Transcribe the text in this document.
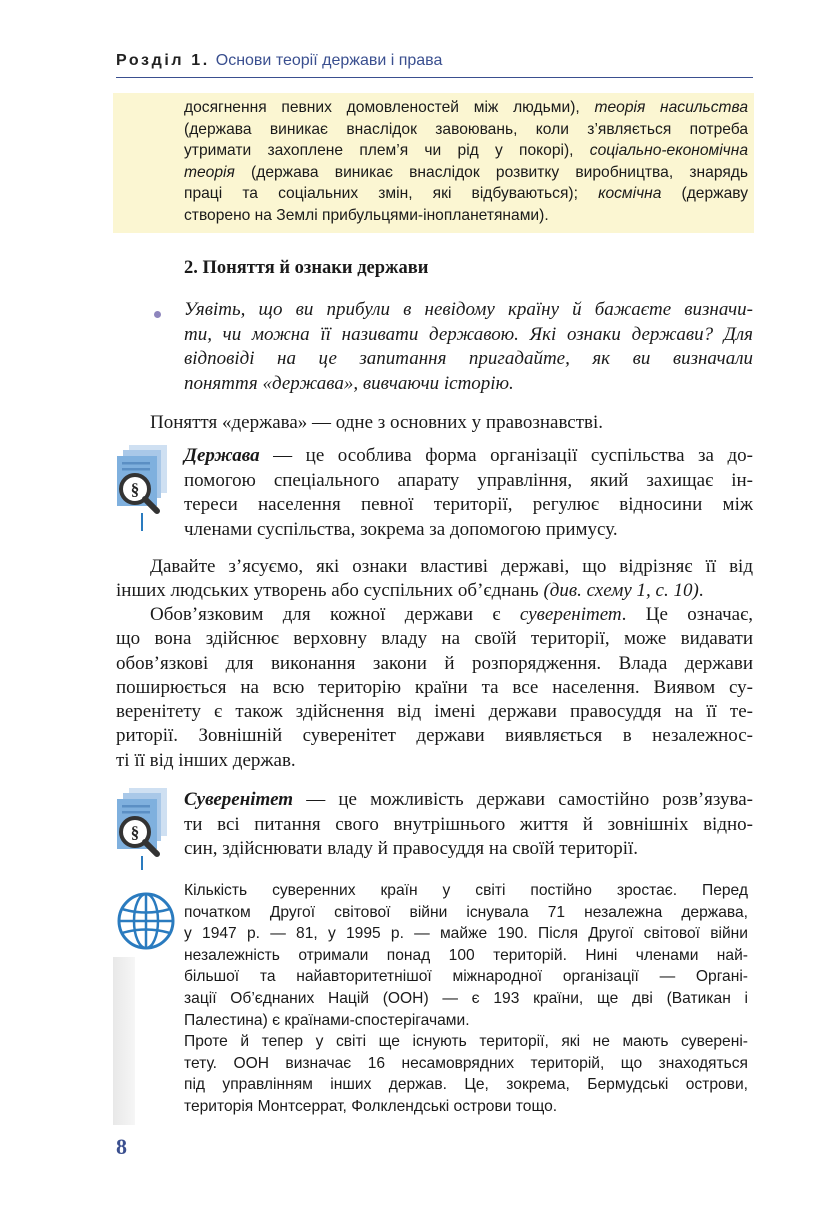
Розділ 1. Основи теорії держави і права
досягнення певних домовленостей між людьми), теорія насильства
(держава виникає внаслідок завоювань, коли з’являється потреба
утримати захоплене плем’я чи рід у покорі), соціально-економічна
теорія (держава виникає внаслідок розвитку виробництва, знарядь
праці та соціальних змін, які відбуваються); космічна (державу
створено на Землі прибульцями-інопланетянами).
2. Поняття й ознаки держави
Уявіть, що ви прибули в невідому країну й бажаєте визначи-
ти, чи можна її називати державою. Які ознаки держави? Для
відповіді на це запитання пригадайте, як ви визначали
поняття «держава», вивчаючи історію.
Поняття «держава» — одне з основних у правознавстві.
§
Держава — це особлива форма організації суспільства за до-
помогою спеціального апарату управління, який захищає ін-
тереси населення певної території, регулює відносини між
членами суспільства, зокрема за допомогою примусу.
Давайте з’ясуємо, які ознаки властиві державі, що відрізняє її від
інших людських утворень або суспільних об’єднань (див. схему 1, с. 10).
Обов’язковим для кожної держави є суверенітет. Це означає,
що вона здійснює верховну владу на своїй території, може видавати
обов’язкові для виконання закони й розпорядження. Влада держави
поширюється на всю територію країни та все населення. Виявом су-
веренітету є також здійснення від імені держави правосуддя на її те-
риторії. Зовнішній суверенітет держави виявляється в незалежнос-
ті її від інших держав.
§
Суверенітет — це можливість держави самостійно розв’язува-
ти всі питання свого внутрішнього життя й зовнішніх відно-
син, здійснювати владу й правосуддя на своїй території.
Кількість суверенних країн у світі постійно зростає. Перед
початком Другої світової війни існувала 71 незалежна держава,
у 1947 р. — 81, у 1995 р. — майже 190. Після Другої світової війни
незалежність отримали понад 100 територій. Нині членами най-
більшої та найавторитетнішої міжнародної організації — Органі-
зації Об’єднаних Націй (ООН) — є 193 країни, ще дві (Ватикан і
Палестина) є країнами-спостерігачами.
Проте й тепер у світі ще існують території, які не мають суверені-
тету. ООН визначає 16 несамоврядних територій, що знаходяться
під управлінням інших держав. Це, зокрема, Бермудські острови,
територія Монтсеррат, Фолклендські острови тощо.
8
